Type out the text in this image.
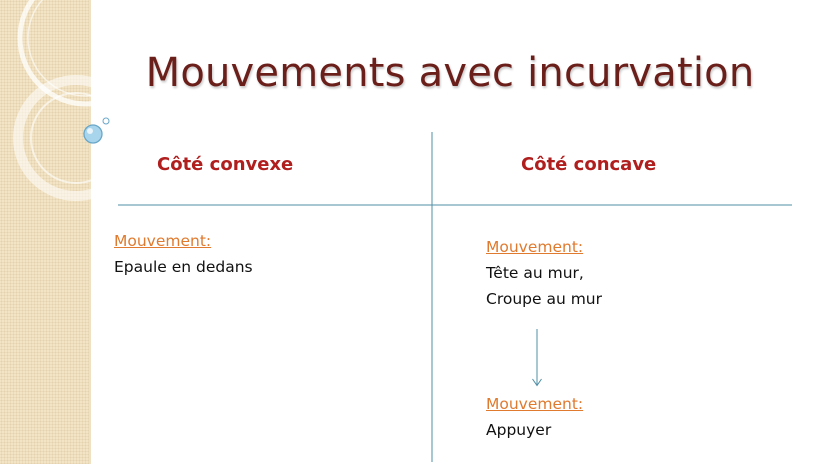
Mouvements avec incurvation
Côté convexe	Côté concave
Mouvement:
Epaule en dedans
Mouvement:
Tête au mur,
Croupe au mur
Mouvement:
Appuyer
